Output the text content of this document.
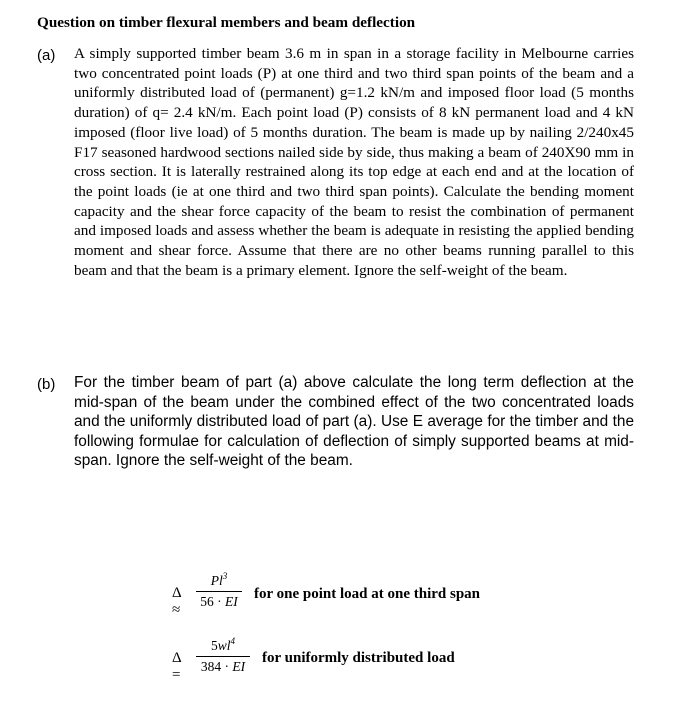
Question on timber flexural members and beam deflection
(a) A simply supported timber beam 3.6 m in span in a storage facility in Melbourne carries two concentrated point loads (P) at one third and two third span points of the beam and a uniformly distributed load of (permanent) g=1.2 kN/m and imposed floor load (5 months duration) of q= 2.4 kN/m. Each point load (P) consists of 8 kN permanent load and 4 kN imposed (floor live load) of 5 months duration. The beam is made up by nailing 2/240x45 F17 seasoned hardwood sections nailed side by side, thus making a beam of 240X90 mm in cross section. It is laterally restrained along its top edge at each end and at the location of the point loads (ie at one third and two third span points). Calculate the bending moment capacity and the shear force capacity of the beam to resist the combination of permanent and imposed loads and assess whether the beam is adequate in resisting the applied bending moment and shear force. Assume that there are no other beams running parallel to this beam and that the beam is a primary element. Ignore the self-weight of the beam.

(b) For the timber beam of part (a) above calculate the long term deflection at the mid-span of the beam under the combined effect of the two concentrated loads and the uniformly distributed load of part (a). Use E average for the timber and the following formulae for calculation of deflection of simply supported beams at mid-span. Ignore the self-weight of the beam.

Δ ≈
$Pl^3$
56 · EI for one point load at one third span
Δ =
$5wl^4$
384 · EI
for uniformly distributed load
